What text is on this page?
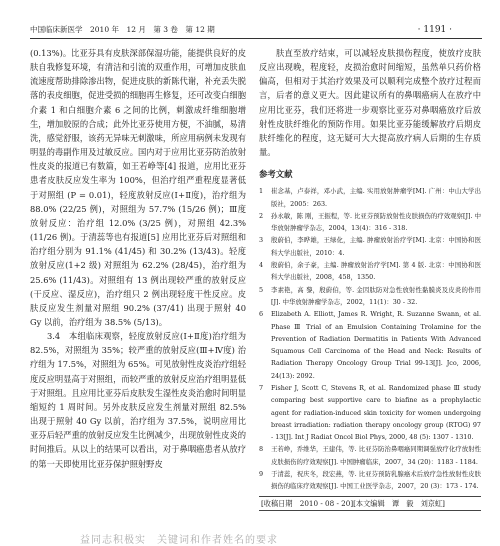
中国临床新医学　2010 年　12 月　第 3 卷　第 12 期	· 1191 ·

(0.13%)。比亚芬具有皮肤深部保湿功能，能提供良好的皮肤自我修复环境，有清洁和引流的双重作用，可增加皮肤血流速度帮助排除渗出物，促进皮肤的新陈代谢，补充丢失脱落的表皮细胞，促进受损的细胞再生修复，还可改变白细胞介素 1 和白细胞介素 6 之间的比例，刺激成纤维细胞增生，增加胶原的合成；此外比亚芬使用方便，不油腻，易清洗，感觉舒服，该药无异味无刺激味，所应用病例未发现有明显的毒副作用及过敏反应。国内对于应用比亚芬防治放射性皮炎的报道已有数篇，如王若峥等[4] 报道，应用比亚芬患者皮肤反应发生率为 100%，但治疗组严重程度显著低于对照组 (P = 0.01)，轻度放射反应(Ⅰ+Ⅱ度)，治疗组为 88.0% (22/25 例)，对照组为 57.7% (15/26 例)；Ⅲ度放射反应：治疗组 12.0% (3/25 例)，对照组 42.3% (11/26 例)。于清蕊等也有报道[5] 应用比亚芬后对照组和治疗组分别为 91.1% (41/45) 和 30.2% (13/43)。轻度放射反应(1+2 级) 对照组为 62.2% (28/45)，治疗组为 25.6% (11/43)。对照组有 13 例出现较严重的放射反应(干反应、湿反应)，治疗组只 2 例出现轻度干性反应。皮肤反应发生剂量对照组 90.2% (37/41) 出现于照射 40 Gy 以前，治疗组为 38.5% (5/13)。

3.4　本组临床观察，轻度放射反应(Ⅰ+Ⅱ度)治疗组为 82.5%，对照组为 35%；较严重的放射反应(Ⅲ+Ⅳ度) 治疗组为 17.5%，对照组为 65%。可见放射性皮炎治疗组轻度反应明显高于对照组，而较严重的放射反应治疗组明显低于对照组。且应用比亚芬后皮肤发生湿性皮炎治愈时间明显缩短约 1 周时间。另外皮肤反应发生剂量对照组 82.5% 出现于照射 40 Gy 以前，治疗组为 37.5%，说明应用比亚芬后轻严重的放射反应发生比例减少，出现放射性皮炎的时间推后。从以上的结果可以看出，对于鼻咽癌患者从放疗的第一天即使用比亚芬保护照射野皮

肤直至放疗结束，可以减轻皮肤损伤程度，使放疗皮肤反应出现晚，程度轻，皮损治愈时间缩短，虽然单只药价格偏高，但相对于其治疗效果及可以顺利完成整个放疗过程而言，后者的意义更大。因此建议所有的鼻咽癌病人在放疗中应用比亚芬，我们还将进一步观察比亚芬对鼻咽癌放疗后放射性皮肤纤维化的预防作用。如果比亚芬能缓解放疗后期皮肤纤维化的程度，这无疑可大大提高放疗病人后期的生存质量。

参考文献
1 崔念基，卢泰祥，邓小武，主编. 实用放射肿瘤学[M]. 广州：中山大学出版社，2005：263.
2 孙永敏，陈 刚，王振程，等. 比亚芬预防放射性皮肤损伤的疗效观察[J]. 中华放射肿瘤学杂志，2004，13(4)：316 - 318.
3 殷蔚伯，李晔雄，王绿化，主编. 肿瘤放射治疗学[M]. 北京：中国协和医科大学出版社，2010：4.
4 殷蔚伯，余子豪，主编. 肿瘤放射治疗学[M]. 第 4 版. 北京：中国协和医科大学出版社，2008，458，1350.
5 李素艳，高 黎，殷蔚伯，等. 金因肽防对急性放射性黏膜炎及皮炎的作用[J]. 中华放射肿瘤学杂志，2002，11(1)：30 - 32.
6 Elizabeth A. Elliott, James R. Wright, R. Suzanne Swann, et al. Phase Ⅲ Trial of an Emulsion Containing Trolamine for the Prevention of Radiation Dermatitis in Patients With Advanced Squamous Cell Carcinoma of the Head and Neck: Results of Radiation Therapy Oncology Group Trial 99-13[J]. Jco, 2006, 24(13): 2092.
7 Fisher J, Scott C, Stevens R, et al. Randomized phase Ⅲ study comparing best supportive care to biafine as a prophylactic agent for radiation-induced skin toxicity for women undergoing breast irradiation: radiation therapy oncology group (RTOG) 97 - 13[J]. Int J Radiat Oncol Biol Phys, 2000, 48 (5): 1307 - 1310.
8 王若峥，乔维华，王建伟，等. 比亚芬防治鼻咽癌同期调强放疗化疗放射性皮肤损伤的疗效观察[J]. 中国肿瘤临床，2007，34 (20)：1183 - 1184.
9 于清蕊，祝庆冬，段宏燕，等. 比亚芬预防乳腺癌术后放疗急性放射性皮肤损伤的临床疗效观察[J]. 中国工业医学杂志，2007，20 (3)：173 - 174.
[收稿日期　2010 - 08 - 20][本文编辑　谭　毅　刘京虹]
益同志积极实　关键词和作者姓名的要求
